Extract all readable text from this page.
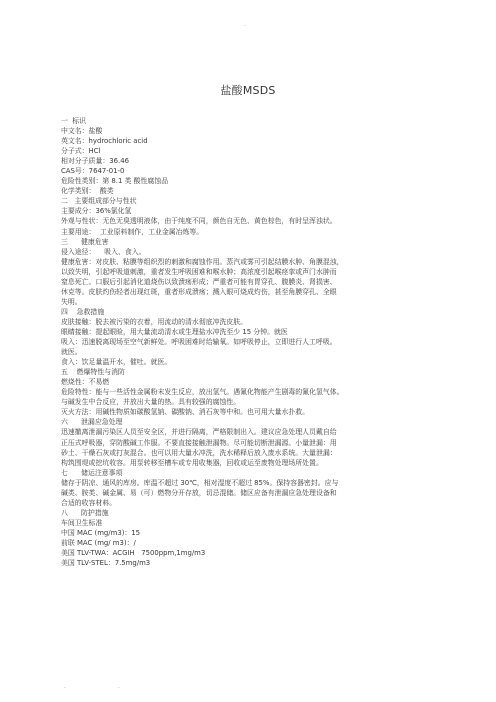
.
盐酸MSDS
一  标识
中文名：盐酸
英文名：hydrochloric acid
分子式：HCl
相对分子质量：36.46
CAS号：7647-01-0
危险性类别：第 8.1 类 酸性腐蚀品
化学类别：  酸类
二   主要组成部分与性状
主要成分：36%氯化氢
外观与性状：无色无臭透明液体，由于纯度不同，颜色自无色、黄色棕色，有时呈浑浊状。
主要用途：  工业原料制作，工业金属冶炼等。
三      健康危害
侵入途径：    吸入、食入。
健康危害：对皮肤、粘膜等组织烈的刺激和腐蚀作用。蒸汽或雾可引起结膜水肿、角膜混浊，
以致失明，引起呼吸道刺激，重者发生呼吸困难和喉水肿；高浓度引起喉痉挛或声门水肿而
窒息死亡。口服后引起消化道烧伤以致溃疡形成；严重者可能有胃穿孔、腹膜炎、肾损害、
休克等。皮肤灼伤轻者出现红斑，重者形成溃疡；溅入眼可烧成灼伤，甚至角膜穿孔、全眼
失明。
四    急救措施
皮肤接触：脱去被污染的衣着，用流动的清水彻底冲洗皮肤。
眼睛接触：提起眼睑，用大量流动清水或生理盐水冲洗至少 15 分钟。就医
吸入：迅速脱离现场至空气新鲜处。呼吸困难时给输氧。如呼吸停止，立即进行人工呼吸。
就医。
食入：饮足量温开水，催吐。就医。
五    燃爆特性与消防
燃烧性：不易燃
危险特性：能与一些活性金属粉末发生反应，放出氢气。遇氰化物能产生剧毒的氰化氢气体。
与碱发生中合反应，并放出大量的热。具有较强的腐蚀性。
灭火方法：用碱性物质如碳酸氢钠、碳酸钠、消石灰等中和。也可用大量水扑救。
六      泄漏应急处理
迅速撤离泄漏污染区人员至安全区，并进行隔离，严格限制出入。建议应急处理人员戴自给
正压式呼吸器，穿防酸碱工作服。不要直接接触泄漏物。尽可能切断泄漏源。小量泄漏：用
砂土、干燥石灰或打灰混合。也可以用大量水冲洗，洗水稀释后放入废水系统。大量泄漏：
构筑围堤或挖坑收容。用泵转移至槽车或专用收集器，回收或运至废物处理场所处置。
七      储运注意事项
储存于阴凉、通风的库房。库温不超过 30℃，相对湿度不超过 85%。保持容器密封。应与
碱类、胺类、碱金属、易（可）燃物分开存放，切忌混储。储区应备有泄漏应急处理设备和
合适的收容材料。
八      防护措施
车间卫生标准
中国 MAC (mg/m3)：15
前联 MAC (mg/ m3)：/
美国 TLV-TWA：ACGIH   7500ppm,1mg/m3
美国 TLV-STEL：7.5mg/m3
.	.
